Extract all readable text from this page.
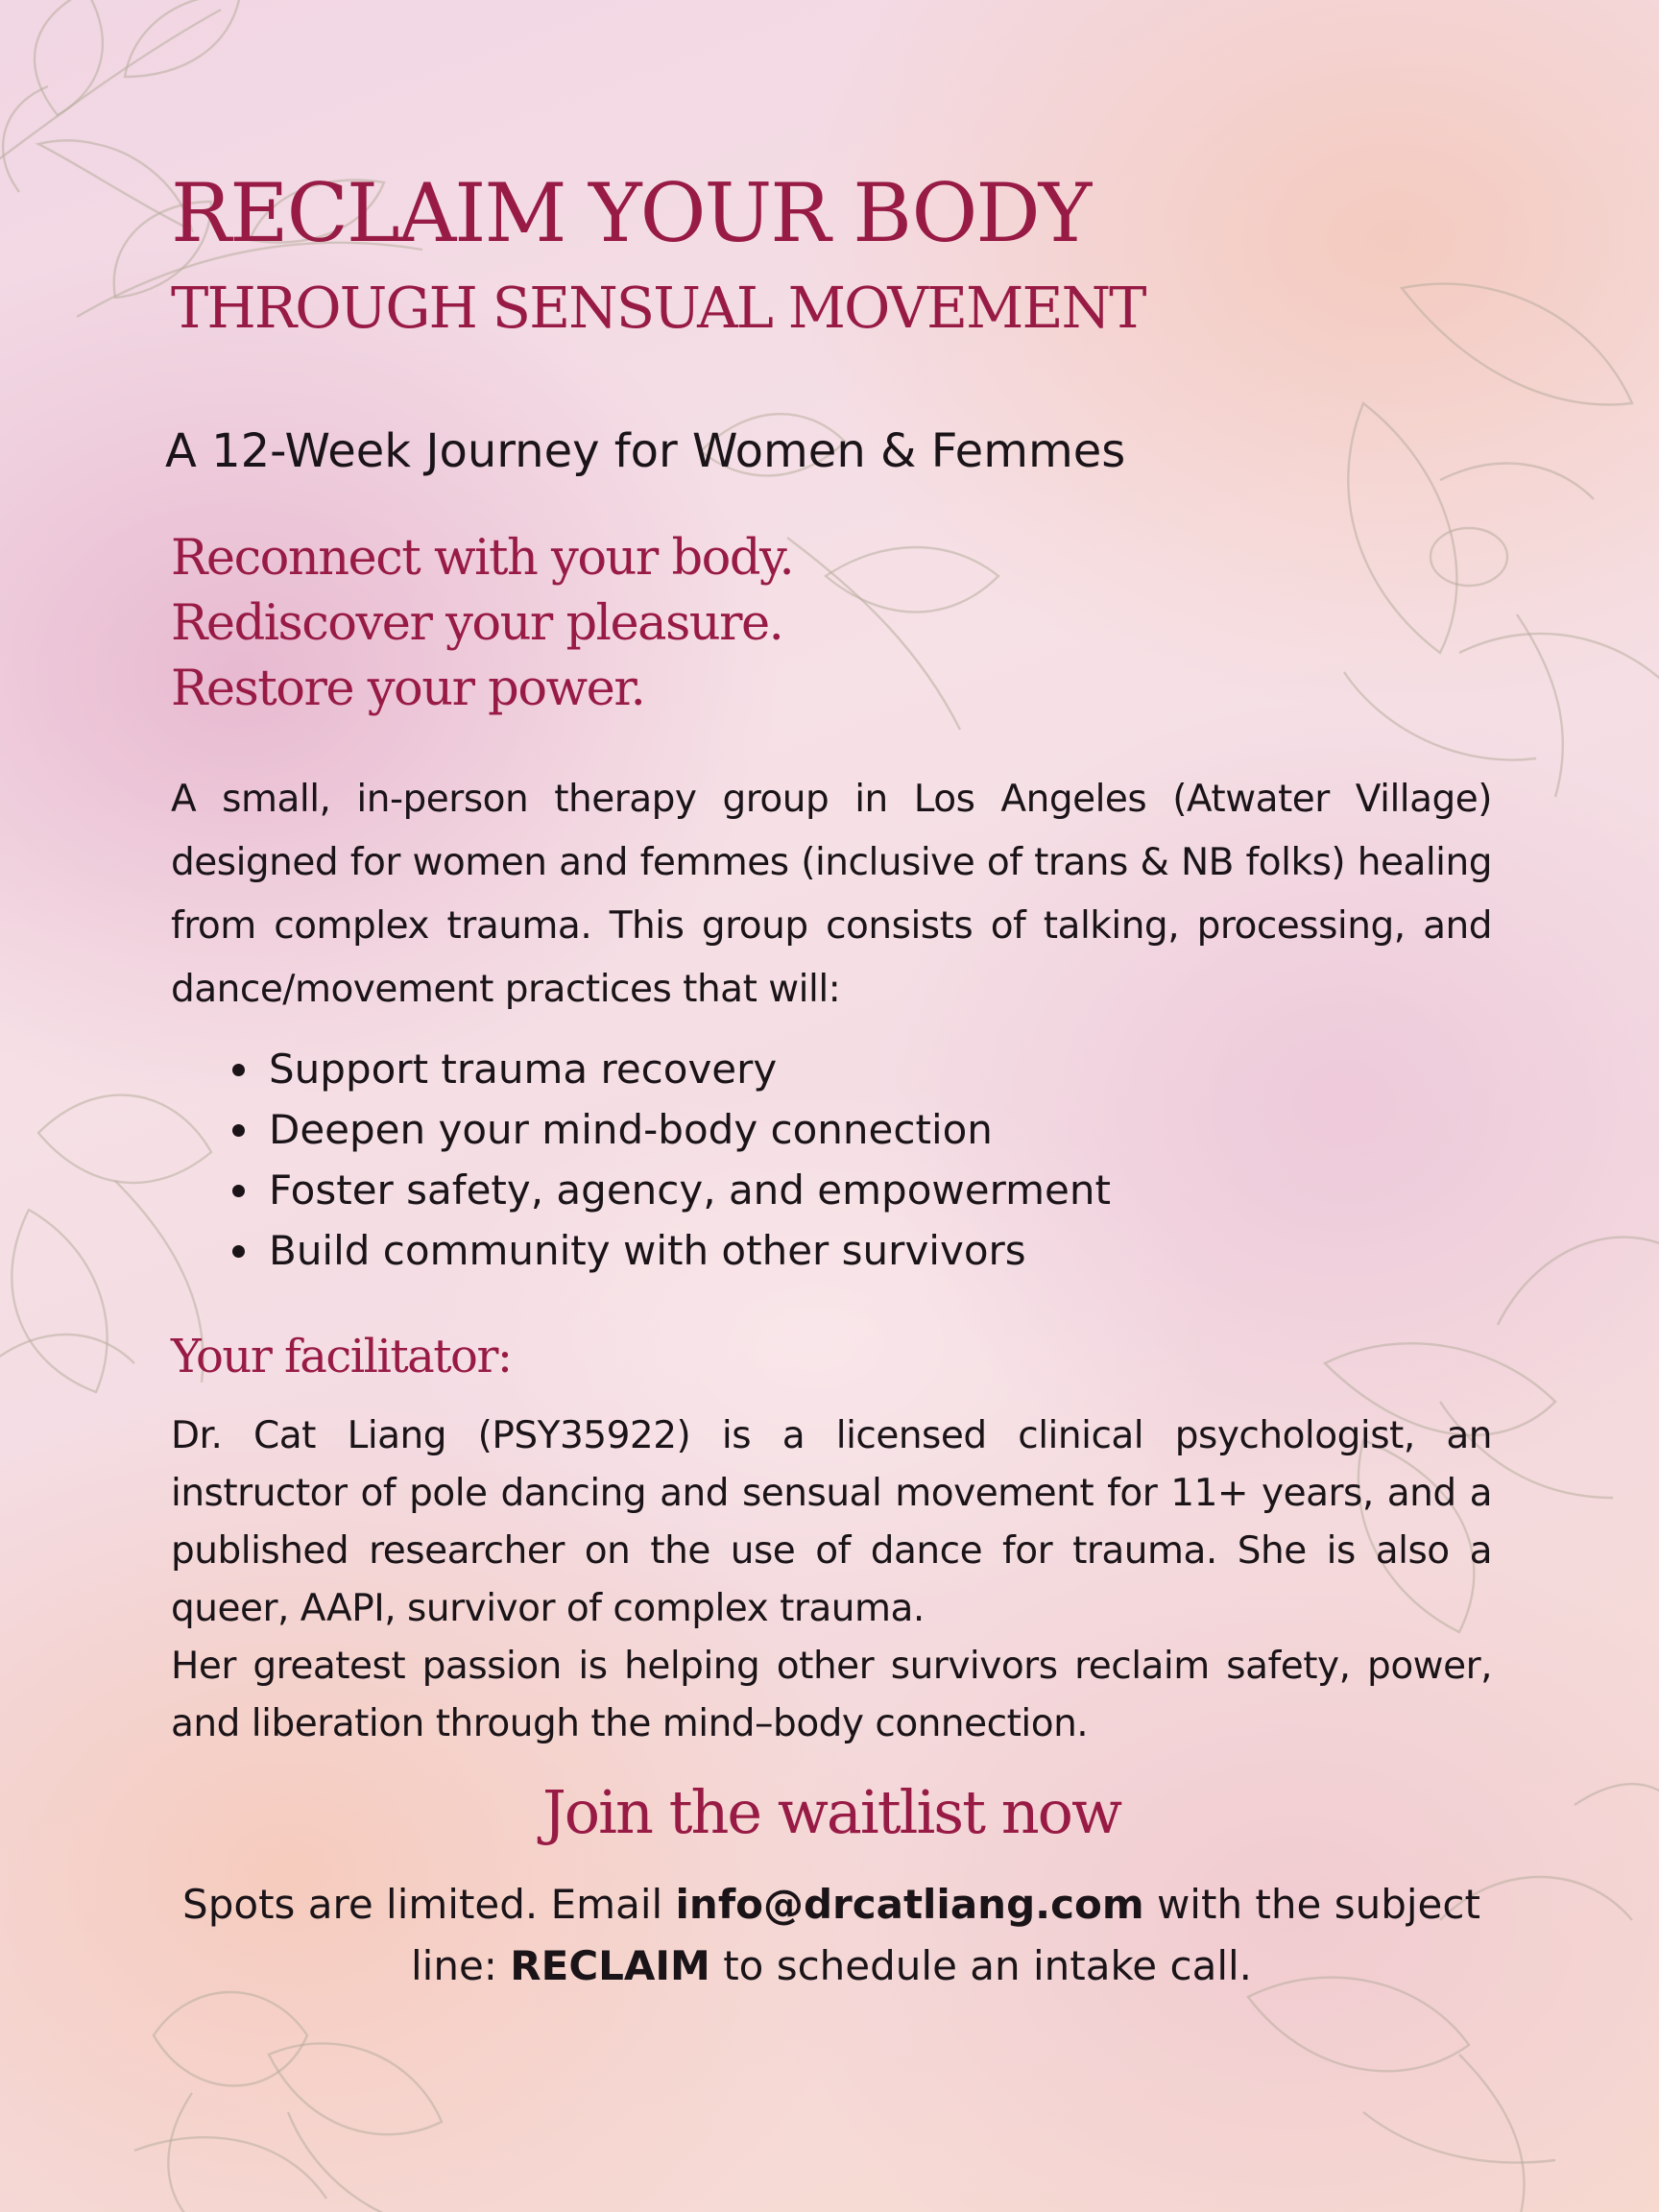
RECLAIM YOUR BODY
THROUGH SENSUAL MOVEMENT
A 12-Week Journey for Women & Femmes
Reconnect with your body.
Rediscover your pleasure.
Restore your power.
A small, in-person therapy group in Los Angeles (Atwater Village) designed for women and femmes (inclusive of trans & NB folks) healing from complex trauma. This group consists of talking, processing, and dance/movement practices that will:
Support trauma recovery
Deepen your mind-body connection
Foster safety, agency, and empowerment
Build community with other survivors
Your facilitator:
Dr. Cat Liang (PSY35922) is a licensed clinical psychologist, an instructor of pole dancing and sensual movement for 11+ years, and a published researcher on the use of dance for trauma. She is also a queer, AAPI, survivor of complex trauma.
Her greatest passion is helping other survivors reclaim safety, power, and liberation through the mind–body connection.
Join the waitlist now
Spots are limited. Email info@drcatliang.com with the subject line: RECLAIM to schedule an intake call.
